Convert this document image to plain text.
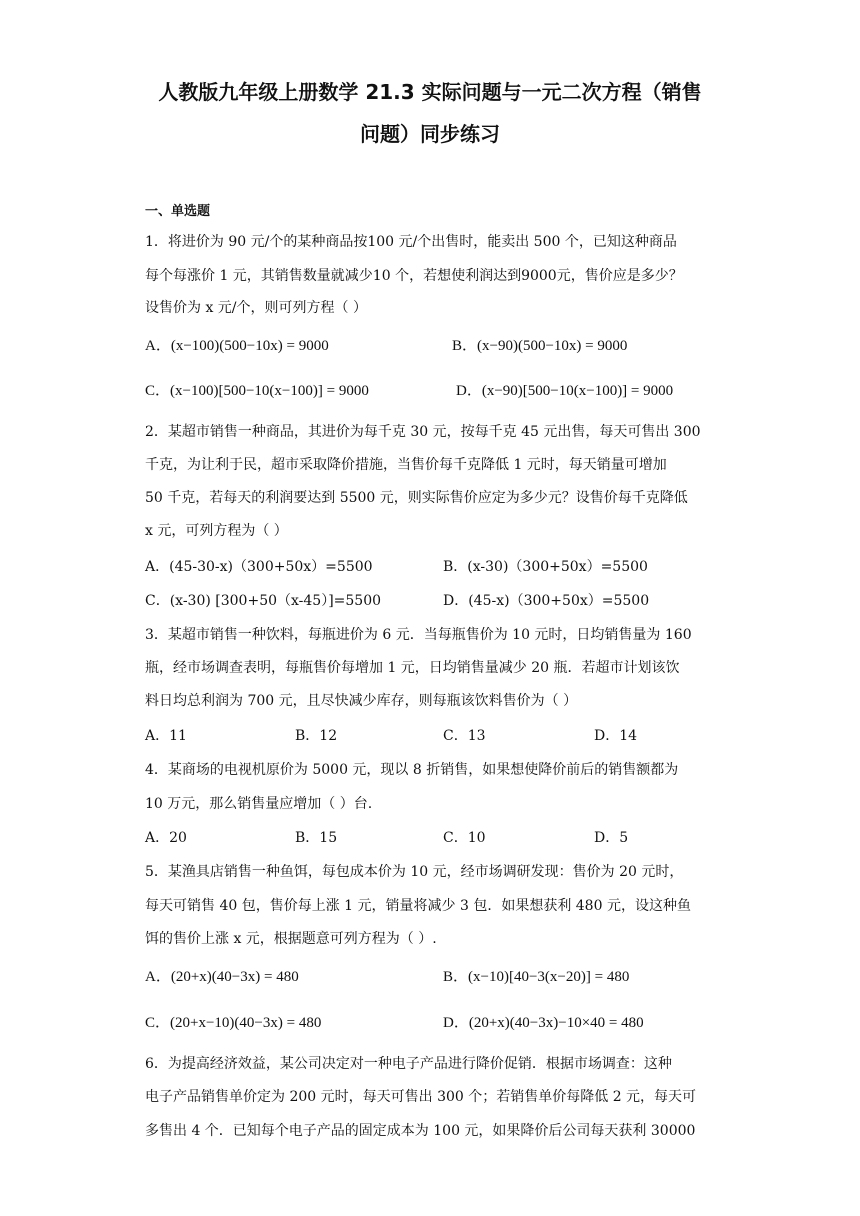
人教版九年级上册数学 21.3 实际问题与一元二次方程（销售
问题）同步练习
一、单选题
1．将进价为 90 元/个的某种商品按100 元/个出售时，能卖出 500 个，已知这种商品
每个每涨价 1 元，其销售数量就减少10 个，若想使利润达到9000元，售价应是多少？
设售价为 x 元/个，则可列方程（ ）
A．(x−100)(500−10x) = 9000	B．(x−90)(500−10x) = 9000
C．(x−100)[500−10(x−100)] = 9000	D．(x−90)[500−10(x−100)] = 9000
2．某超市销售一种商品，其进价为每千克 30 元，按每千克 45 元出售，每天可售出 300
千克，为让利于民，超市采取降价措施，当售价每千克降低 1 元时，每天销量可增加
50 千克，若每天的利润要达到 5500 元，则实际售价应定为多少元？设售价每千克降低
x 元，可列方程为（ ）
A．(45-30-x)（300+50x）=5500	B．(x-30)（300+50x）=5500
C．(x-30) [300+50（x-45）]=5500	D．(45-x)（300+50x）=5500
3．某超市销售一种饮料，每瓶进价为 6 元．当每瓶售价为 10 元时，日均销售量为 160
瓶，经市场调查表明，每瓶售价每增加 1 元，日均销售量减少 20 瓶．若超市计划该饮
料日均总利润为 700 元，且尽快减少库存，则每瓶该饮料售价为（ ）
A．11	B．12	C．13	D．14
4．某商场的电视机原价为 5000 元，现以 8 折销售，如果想使降价前后的销售额都为
10 万元，那么销售量应增加（ ）台.
A．20	B．15	C．10	D．5
5．某渔具店销售一种鱼饵，每包成本价为 10 元，经市场调研发现：售价为 20 元时，
每天可销售 40 包，售价每上涨 1 元，销量将减少 3 包．如果想获利 480 元，设这种鱼
饵的售价上涨 x 元，根据题意可列方程为（ ）.
A．(20+x)(40−3x) = 480	B．(x−10)[40−3(x−20)] = 480
C．(20+x−10)(40−3x) = 480	D．(20+x)(40−3x)−10×40 = 480
6．为提高经济效益，某公司决定对一种电子产品进行降价促销．根据市场调查：这种
电子产品销售单价定为 200 元时，每天可售出 300 个；若销售单价每降低 2 元，每天可
多售出 4 个．已知每个电子产品的固定成本为 100 元，如果降价后公司每天获利 30000
